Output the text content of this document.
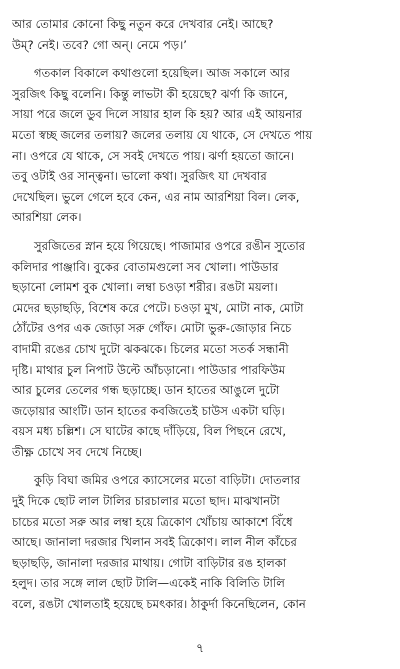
আর তোমার কোনো কিছু নতুন করে দেখবার নেই। আছে?
উম্? নেই। তবে? গো অন্। নেমে পড়।’
গতকাল বিকালে কথাগুলো হয়েছিল। আজ সকালে আর
সুরজিৎ কিছু বলেনি। কিন্তু লাভটা কী হয়েছে? ঝর্ণা কি জানে,
সায়া পরে জলে ডুব দিলে সায়ার হাল কি হয়? আর এই আয়নার
মতো স্বচ্ছ জলের তলায়? জলের তলায় যে থাকে, সে দেখতে পায়
না। ওপরে যে থাকে, সে সবই দেখতে পায়। ঝর্ণা হয়তো জানে।
তবু ওটাই ওর সান্ত্বনা। ভালো কথা। সুরজিৎ যা দেখবার
দেখেছিল। ভুলে গেলে হবে কেন, এর নাম আরশিয়া বিল। লেক,
আরশিয়া লেক।
সুরজিতের স্নান হয়ে গিয়েছে। পাজামার ওপরে রঙীন সুতোর
কলিদার পাঞ্জাবি। বুকের বোতামগুলো সব খোলা। পাউডার
ছড়ানো লোমশ বুক খোলা। লম্বা চওড়া শরীর। রঙটা ময়লা।
মেদের ছড়াছড়ি, বিশেষ করে পেটে। চওড়া মুখ, মোটা নাক, মোটা
ঠোঁটের ওপর এক জোড়া সরু গোঁফ। মোটা ভুরু-জোড়ার নিচে
বাদামী রঙের চোখ দুটো ঝকঝকে। চিলের মতো সতর্ক সন্ধানী
দৃষ্টি। মাথার চুল নিপাট উল্টে আঁচড়ানো। পাউডার পারফিউম
আর চুলের তেলের গন্ধ ছড়াচ্ছে। ডান হাতের আঙুলে দুটো
জড়োয়ার আংটি। ডান হাতের কবজিতেই চাউস একটা ঘড়ি।
বয়স মধ্য চল্লিশ। সে ঘাটের কাছে দাঁড়িয়ে, বিল পিছনে রেখে,
তীক্ষ্ণ চোখে সব দেখে নিচ্ছে।
কুড়ি বিঘা জমির ওপরে ক্যাসেলের মতো বাড়িটা। দোতলার
দুই দিকে ছোট লাল টালির চারচালার মতো ছাদ। মাঝখানটা
চাচের মতো সরু আর লম্বা হয়ে ত্রিকোণ খোঁচায় আকাশে বিঁধে
আছে। জানালা দরজার খিলান সবই ত্রিকোণ। লাল নীল কাঁচের
ছড়াছড়ি, জানালা দরজার মাথায়। গোটা বাড়িটার রঙ হালকা
হলুদ। তার সঙ্গে লাল ছোট টালি—একেই নাকি বিলিতি টালি
বলে, রঙটা খোলতাই হয়েছে চমৎকার। ঠাকুর্দা কিনেছিলেন, কোন
৭
